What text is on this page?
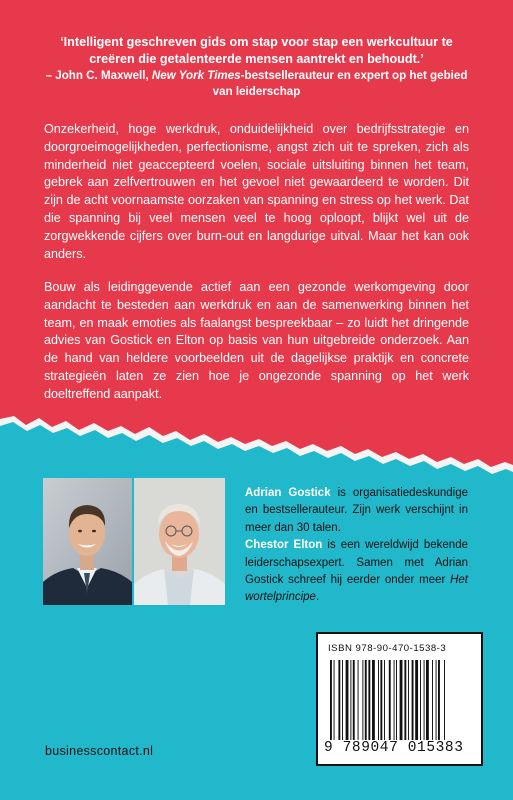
‘Intelligent geschreven gids om stap voor stap een werkcultuur te creëren die getalenteerde mensen aantrekt en behoudt.’
– John C. Maxwell, New York Times-bestsellerauteur en expert op het gebied van leiderschap
Onzekerheid, hoge werkdruk, onduidelijkheid over bedrijfsstrategie en doorgroeimogelijkheden, perfectionisme, angst zich uit te spreken, zich als minderheid niet geaccepteerd voelen, sociale uitsluiting binnen het team, gebrek aan zelfvertrouwen en het gevoel niet gewaardeerd te worden. Dit zijn de acht voornaamste oorzaken van spanning en stress op het werk. Dat die spanning bij veel mensen veel te hoog oploopt, blijkt wel uit de zorgwekkende cijfers over burn-out en langdurige uitval. Maar het kan ook anders.
Bouw als leidinggevende actief aan een gezonde werkomgeving door aandacht te besteden aan werkdruk en aan de samenwerking binnen het team, en maak emoties als faalangst bespreekbaar – zo luidt het dringende advies van Gostick en Elton op basis van hun uitgebreide onderzoek. Aan de hand van heldere voorbeelden uit de dagelijkse praktijk en concrete strategieën laten ze zien hoe je ongezonde spanning op het werk doeltreffend aanpakt.
Adrian Gostick is organisatiedeskundige en bestsellerauteur. Zijn werk verschijnt in meer dan 30 talen.
Chestor Elton is een wereldwijd bekende leiderschapsexpert. Samen met Adrian Gostick schreef hij eerder onder meer Het wortelprincipe.
ISBN 978-90-470-1538-3
9 789047 015383
businesscontact.nl
